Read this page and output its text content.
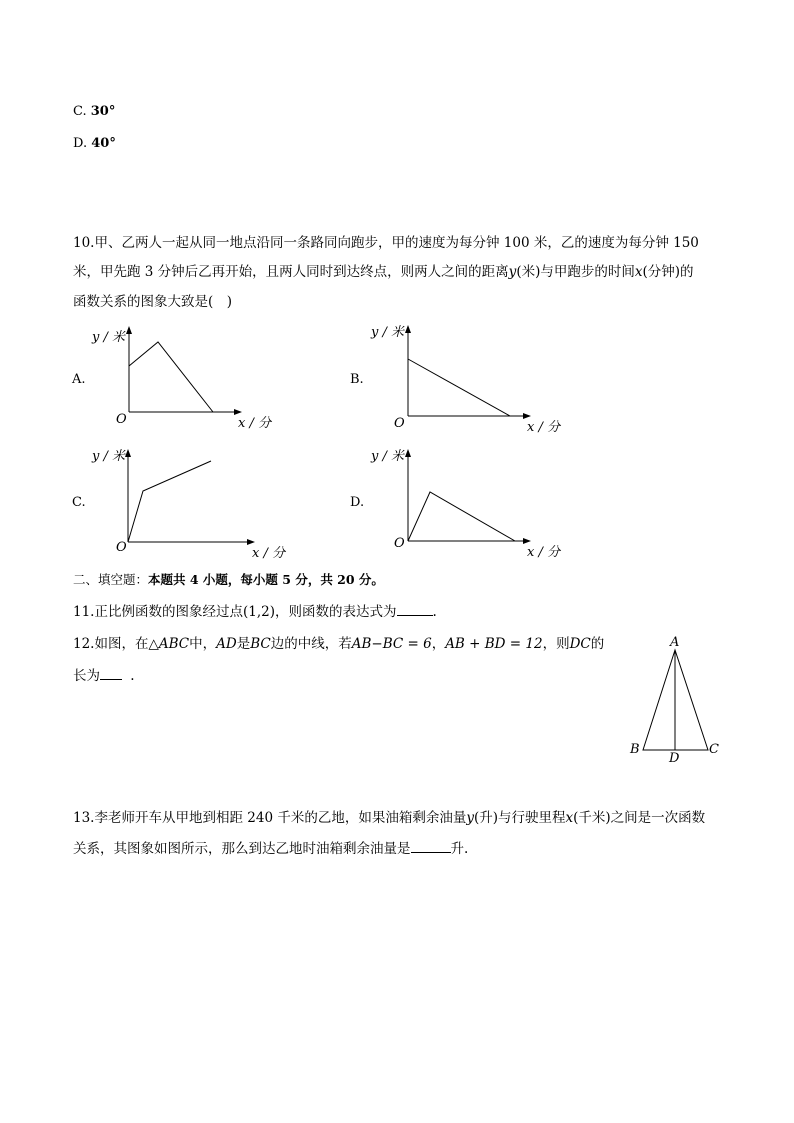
C. 30°
D. 40°
10.甲、乙两人一起从同一地点沿同一条路同向跑步，甲的速度为每分钟 100 米，乙的速度为每分钟 150
米，甲先跑 3 分钟后乙再开始，且两人同时到达终点，则两人之间的距离y(米)与甲跑步的时间x(分钟)的
函数关系的图象大致是(　)
A.
y / 米
O	x / 分
B.
y / 米
O	x / 分
C.
y / 米
O	x / 分
D.
y / 米
O
x / 分
二、填空题：本题共 4 小题，每小题 5 分，共 20 分。
11.正比例函数的图象经过点(1,2)，则函数的表达式为	.
12.如图，在△ABC中，AD是BC边的中线，若AB−BC = 6，AB + BD = 12，则DC的
长为 .
A
B	C
D
13.李老师开车从甲地到相距 240 千米的乙地，如果油箱剩余油量y(升)与行驶里程x(千米)之间是一次函数
关系，其图象如图所示，那么到达乙地时油箱剩余油量是	升.
